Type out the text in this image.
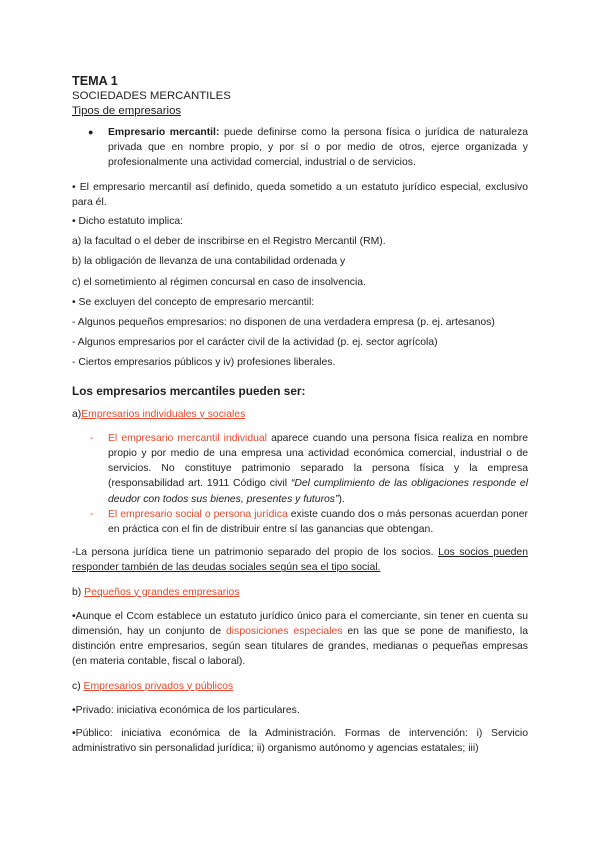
TEMA 1

SOCIEDADES MERCANTILES

Tipos de empresarios

● Empresario mercantil: puede definirse como la persona física o jurídica de naturaleza privada que en nombre propio, y por sí o por medio de otros, ejerce organizada y profesionalmente una actividad comercial, industrial o de servicios.

• El empresario mercantil así definido, queda sometido a un estatuto jurídico especial, exclusivo para él.

• Dicho estatuto implica:

a) la facultad o el deber de inscribirse en el Registro Mercantil (RM).

b) la obligación de llevanza de una contabilidad ordenada y

c) el sometimiento al régimen concursal en caso de insolvencia.

• Se excluyen del concepto de empresario mercantil:

- Algunos pequeños empresarios: no disponen de una verdadera empresa (p. ej. artesanos)

- Algunos empresarios por el carácter civil de la actividad (p. ej. sector agrícola)

- Ciertos empresarios públicos y iv) profesiones liberales.

Los empresarios mercantiles pueden ser:

a)Empresarios individuales y sociales

- El empresario mercantil individual aparece cuando una persona física realiza en nombre propio y por medio de una empresa una actividad económica comercial, industrial o de servicios. No constituye patrimonio separado la persona física y la empresa (responsabilidad art. 1911 Código civil “Del cumplimiento de las obligaciones responde el deudor con todos sus bienes, presentes y futuros”).
- El empresario social o persona jurídica existe cuando dos o más personas acuerdan poner en práctica con el fin de distribuir entre sí las ganancias que obtengan.

-La persona jurídica tiene un patrimonio separado del propio de los socios. Los socios pueden responder también de las deudas sociales según sea el tipo social.

b) Pequeños y grandes empresarios

•Aunque el Ccom establece un estatuto jurídico único para el comerciante, sin tener en cuenta su dimensión, hay un conjunto de disposiciones especiales en las que se pone de manifiesto, la distinción entre empresarios, según sean titulares de grandes, medianas o pequeñas empresas (en materia contable, fiscal o laboral).

c) Empresarios privados y públicos

•Privado: iniciativa económica de los particulares.

•Público: iniciativa económica de la Administración. Formas de intervención: i) Servicio administrativo sin personalidad jurídica; ii) organismo autónomo y agencias estatales; iii)
